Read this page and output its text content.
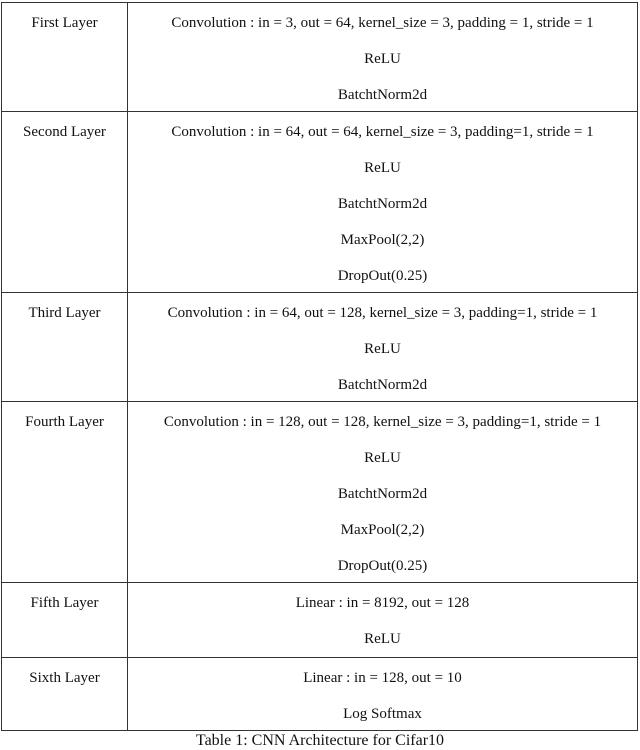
First Layer	Convolution : in = 3, out = 64, kernel_size = 3, padding = 1, stride = 1
ReLU
BatchtNorm2d
Second Layer	Convolution : in = 64, out = 64, kernel_size = 3, padding=1, stride = 1
ReLU
BatchtNorm2d
MaxPool(2,2)
DropOut(0.25)
Third Layer	Convolution : in = 64, out = 128, kernel_size = 3, padding=1, stride = 1
ReLU
BatchtNorm2d
Fourth Layer	Convolution : in = 128, out = 128, kernel_size = 3, padding=1, stride = 1
ReLU
BatchtNorm2d
MaxPool(2,2)
DropOut(0.25)
Fifth Layer	Linear : in = 8192, out = 128
ReLU
Sixth Layer	Linear : in = 128, out = 10
Log Softmax
Table 1: CNN Architecture for Cifar10
